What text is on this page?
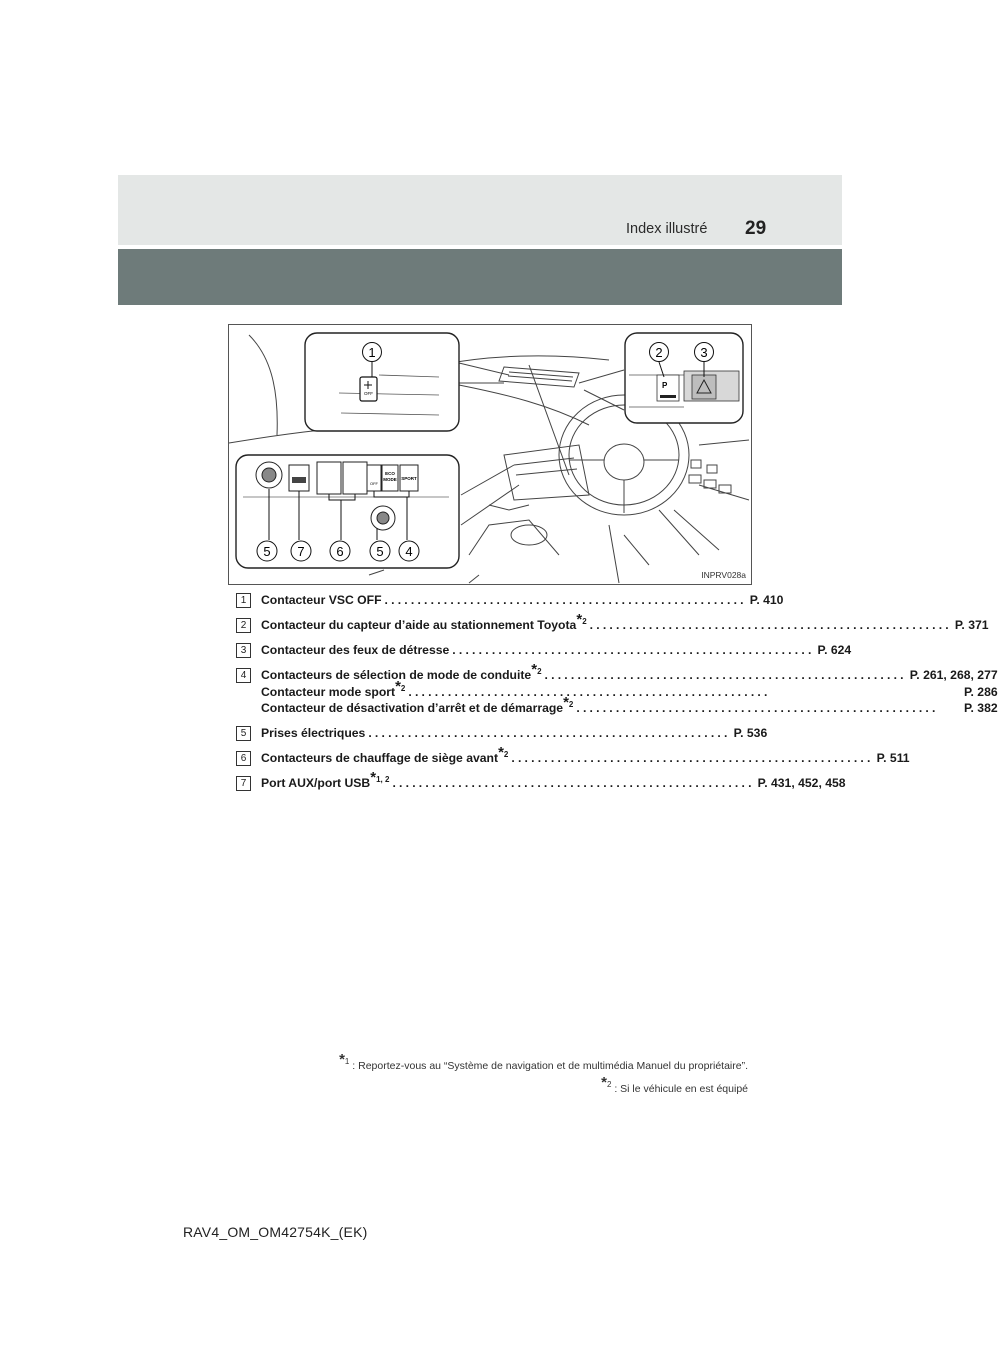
Index illustré 29
OFF
1
P
2	3
OFF
ECO
MODE SPORT
5 7 6	5 4
INPRV028a
1	Contacteur VSC OFF ....................................................... P. 410
2	Contacteur du capteur d’aide au stationnement Toyota$^{*2}$ ....................................................... P. 371
3	Contacteur des feux de détresse ....................................................... P. 624
4	Contacteurs de sélection de mode de conduite$^{*2}$ ....................................................... P. 261, 268, 277
Contacteur mode sport$^{*2}$ .......................................................	P. 286
Contacteur de désactivation d’arrêt et de démarrage$^{*2}$ .......................................................	P. 382
5	Prises électriques ....................................................... P. 536
6	Contacteurs de chauffage de siège avant$^{*2}$ ....................................................... P. 511
7	Port AUX/port USB$^{*1, 2}$ ....................................................... P. 431, 452, 458
$^{*1}$ : Reportez-vous au “Système de navigation et de multimédia Manuel du propriétaire”.
$^{*2}$ : Si le véhicule en est équipé
RAV4_OM_OM42754K_(EK)
